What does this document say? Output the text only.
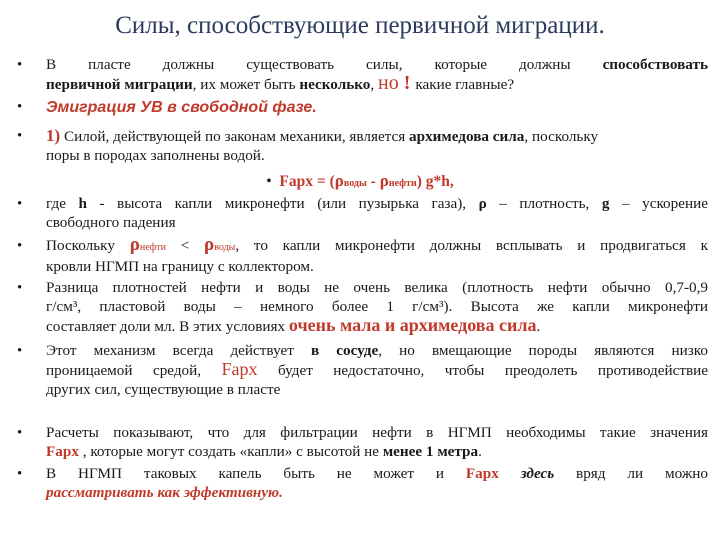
Силы, способствующие первичной миграции.
• В пласте должны существовать силы, которые должны способствовать
первичной миграции, их может быть несколько, но ! какие главные?
• Эмиграция УВ в свободной фазе.
• 1) Силой, действующей по законам механики, является архимедова сила, поскольку
поры в породах заполнены водой.
• Fарх = (ρводы - ρнефти) g*h,
• где h - высота капли микронефти (или пузырька газа), ρ – плотность, g – ускорение
свободного падения
• Поскольку ρнефти < ρводы, то капли микронефти должны всплывать и продвигаться к
кровли НГМП на границу с коллектором.
• Разница плотностей нефти и воды не очень велика (плотность нефти обычно 0,7-0,9
г/cм³, пластовой воды – немного более 1 г/см³). Высота же капли микронефти
составляет доли мл. В этих условиях очень мала и архимедова сила.
• Этот механизм всегда действует в сосуде, но вмещающие породы являются низко
проницаемой средой, Fарх будет недостаточно, чтобы преодолеть противодействие
других сил, существующие в пласте
• Расчеты показывают, что для фильтрации нефти в НГМП необходимы такие значения
Fарх , которые могут создать «капли» с высотой не менее 1 метра.
• В НГМП таковых капель быть не может и Fарх здесь вряд ли можно
рассматривать как эффективную.
